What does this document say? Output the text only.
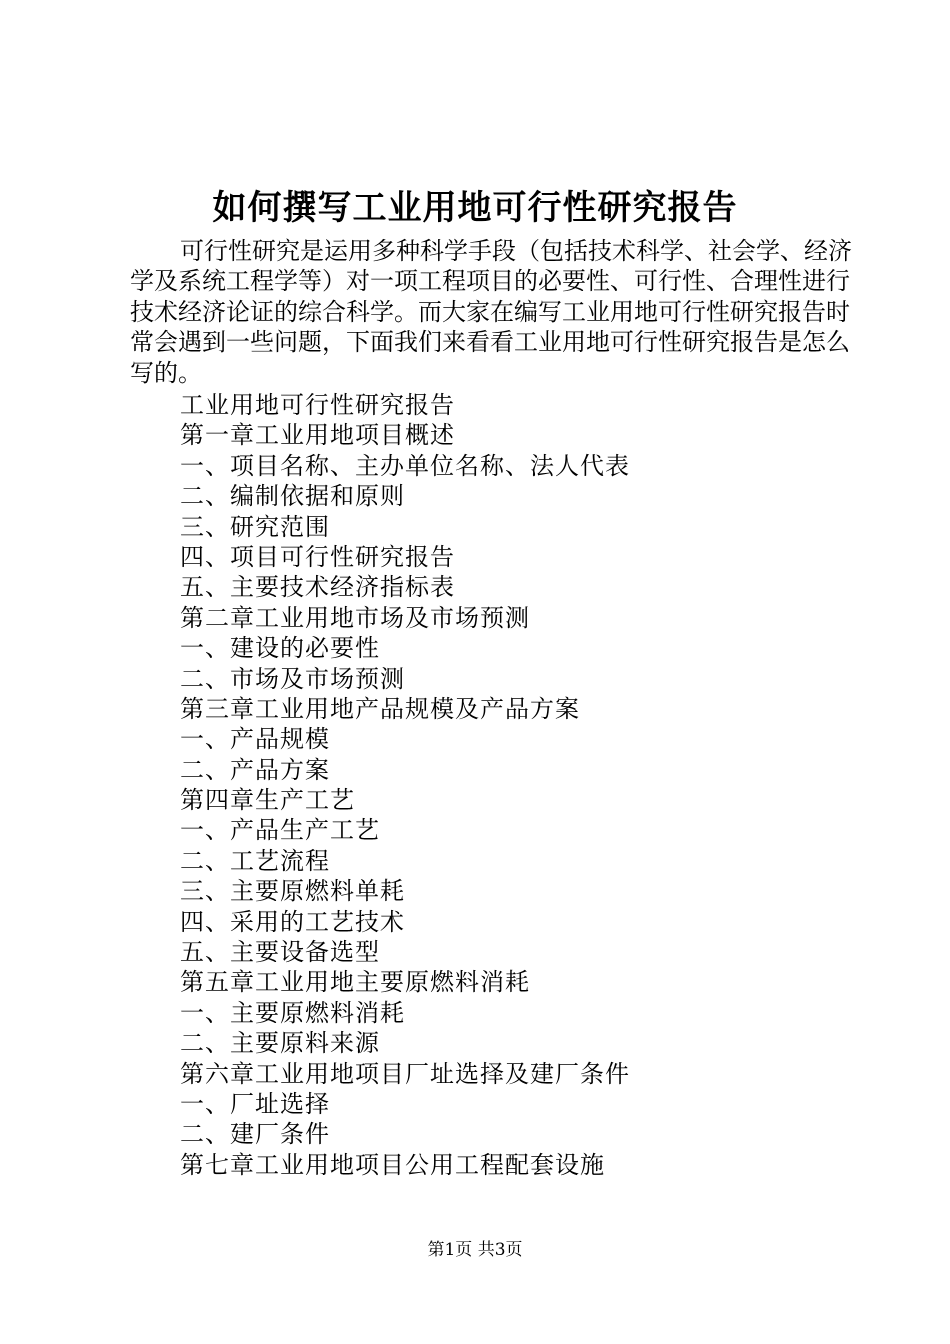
如何撰写工业用地可行性研究报告

可行性研究是运用多种科学手段（包括技术科学、社会学、经济学及系统工程学等）对一项工程项目的必要性、可行性、合理性进行技术经济论证的综合科学。而大家在编写工业用地可行性研究报告时常会遇到一些问题，下面我们来看看工业用地可行性研究报告是怎么写的。

工业用地可行性研究报告
第一章工业用地项目概述
一、项目名称、主办单位名称、法人代表
二、编制依据和原则
三、研究范围
四、项目可行性研究报告
五、主要技术经济指标表
第二章工业用地市场及市场预测
一、建设的必要性
二、市场及市场预测
第三章工业用地产品规模及产品方案
一、产品规模
二、产品方案
第四章生产工艺
一、产品生产工艺
二、工艺流程
三、主要原燃料单耗
四、采用的工艺技术
五、主要设备选型
第五章工业用地主要原燃料消耗
一、主要原燃料消耗
二、主要原料来源
第六章工业用地项目厂址选择及建厂条件
一、厂址选择
二、建厂条件
第七章工业用地项目公用工程配套设施
第1页 共3页
